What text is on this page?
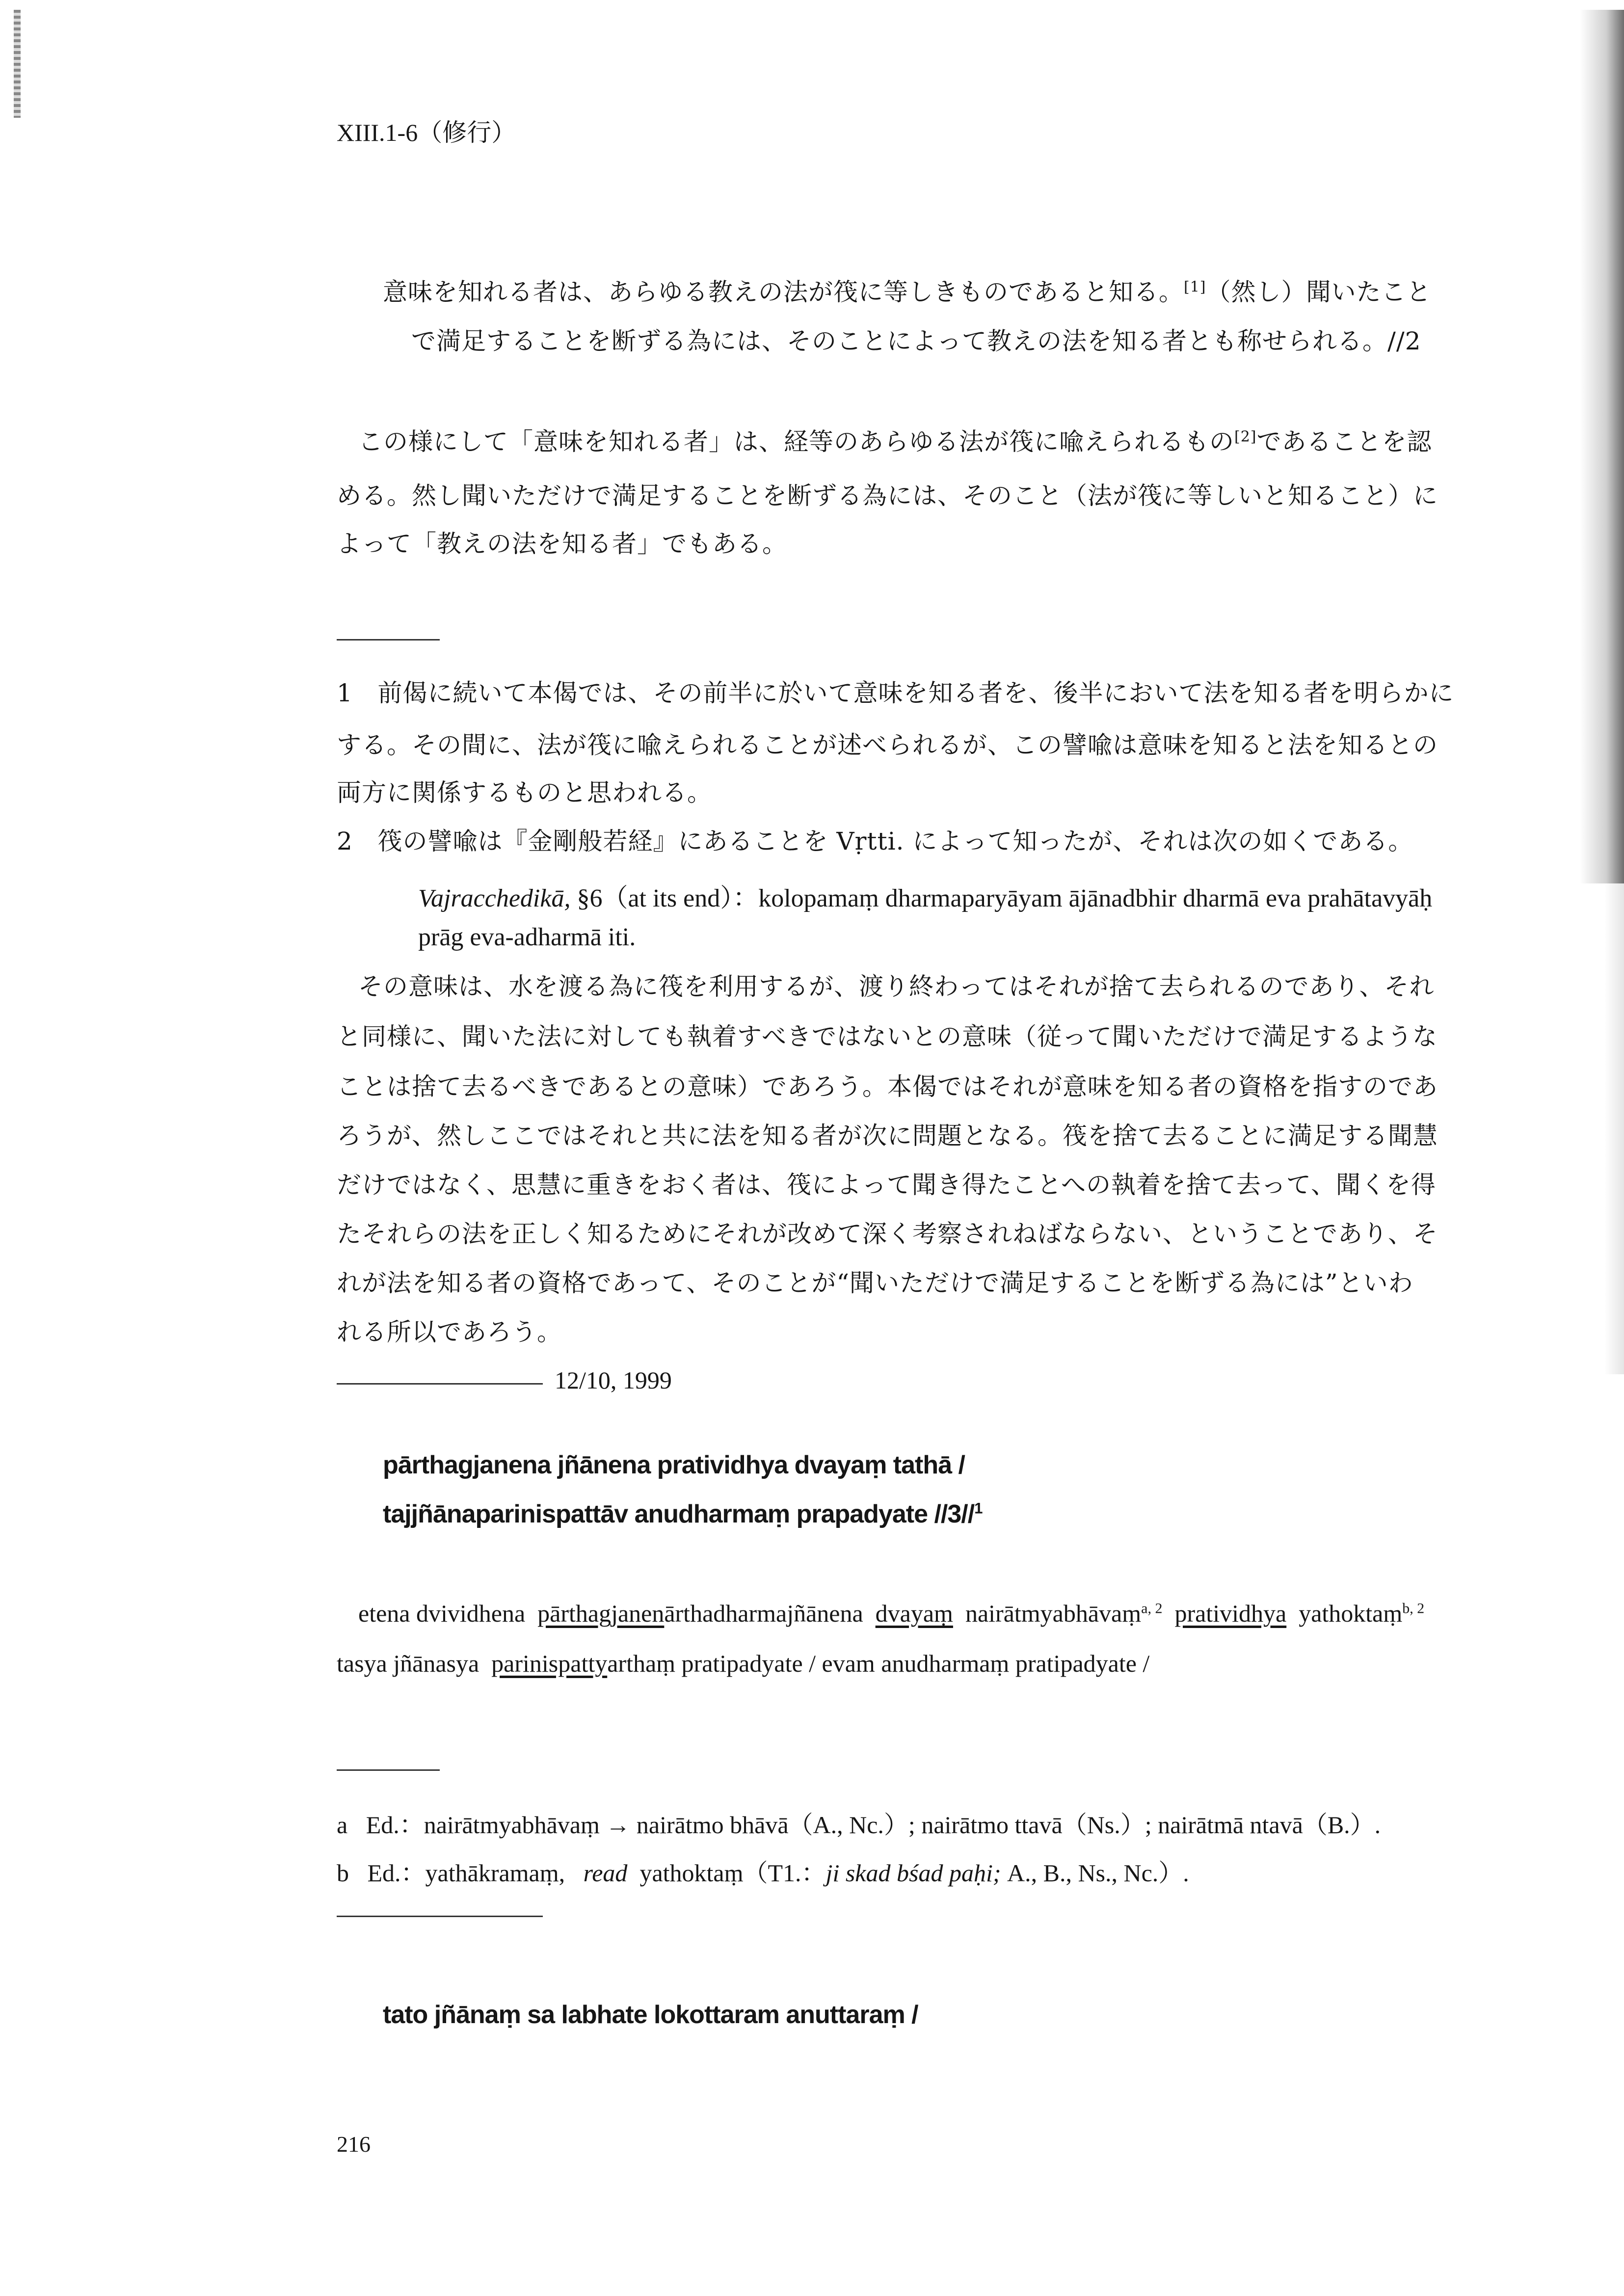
XIII.1-6（修行）
意味を知れる者は、あらゆる教えの法が筏に等しきものであると知る。[1]（然し）聞いたこと
で満足することを断ずる為には、そのことによって教えの法を知る者とも称せられる。//2
この様にして「意味を知れる者」は、経等のあらゆる法が筏に喩えられるもの[2]であることを認
める。然し聞いただけで満足することを断ずる為には、そのこと（法が筏に等しいと知ること）に
よって「教えの法を知る者」でもある。
1 前偈に続いて本偈では、その前半に於いて意味を知る者を、後半において法を知る者を明らかに
する。その間に、法が筏に喩えられることが述べられるが、この譬喩は意味を知ると法を知るとの
両方に関係するものと思われる。
2 筏の譬喩は『金剛般若経』にあることを Vṛtti. によって知ったが、それは次の如くである。
Vajracchedikā, §6（at its end）：kolopamaṃ dharmaparyāyam ājānadbhir dharmā eva prahātavyāḥ
prāg eva-adharmā iti.
その意味は、水を渡る為に筏を利用するが、渡り終わってはそれが捨て去られるのであり、それ
と同様に、聞いた法に対しても執着すべきではないとの意味（従って聞いただけで満足するような
ことは捨て去るべきであるとの意味）であろう。本偈ではそれが意味を知る者の資格を指すのであ
ろうが、然しここではそれと共に法を知る者が次に問題となる。筏を捨て去ることに満足する聞慧
だけではなく、思慧に重きをおく者は、筏によって聞き得たことへの執着を捨て去って、聞くを得
たそれらの法を正しく知るためにそれが改めて深く考察されねばならない、ということであり、そ
れが法を知る者の資格であって、そのことが“聞いただけで満足することを断ずる為には”といわ
れる所以であろう。
12/10, 1999
pārthagjanena jñānena pratividhya dvayaṃ tathā /
tajjñānaparinispattāv anudharmaṃ prapadyate //3//$^1$
etena dvividhena pārthagjanenārthadharmajñānena dvayaṃ nairātmyabhāvaṃ$^{a, 2}$ pratividhya yathoktaṃ$^{b, 2}$
tasya jñānasya parinispattyarthaṃ pratipadyate / evam anudharmaṃ pratipadyate /
a Ed.：nairātmyabhāvaṃ → nairātmo bhāvā（A., Nc.）; nairātmo ttavā（Ns.）; nairātmā ntavā（B.）.
b Ed.：yathākramaṃ, read yathoktaṃ（T1.：ji skad bśad paḥi; A., B., Ns., Nc.）.
tato jñānaṃ sa labhate lokottaram anuttaraṃ /
216
